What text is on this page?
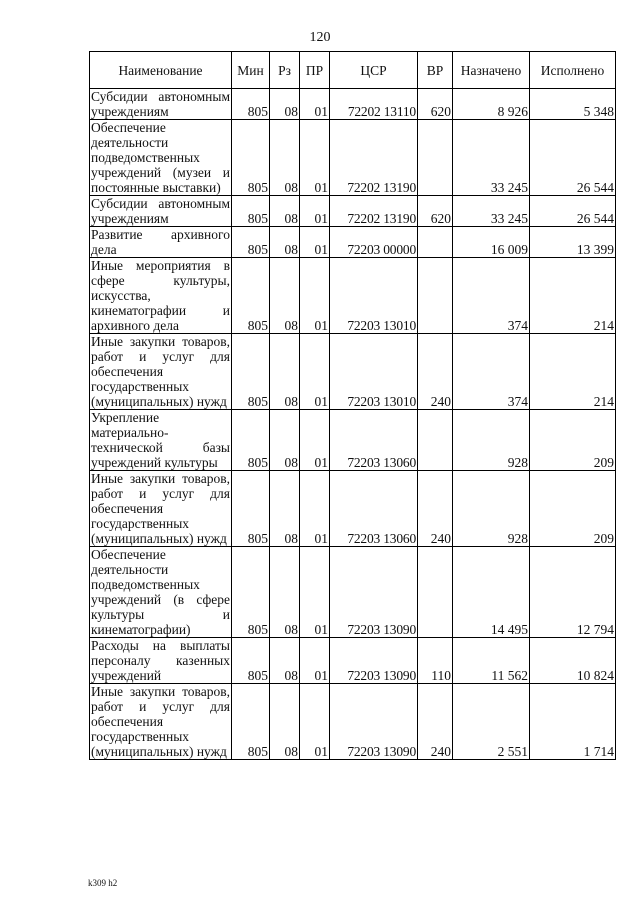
120
Наименование	Мин	Рз	ПР	ЦСР	ВР	Назначено	Исполнено
Субсидии автономным учреждениям	805	08	01	72202 13110	620	8 926	5 348
Обеспечение деятельности подведомственных учреждений (музеи и постоянные выставки)	805	08	01	72202 13190		33 245	26 544
Субсидии автономным учреждениям	805	08	01	72202 13190	620	33 245	26 544
Развитие архивного дела	805	08	01	72203 00000		16 009	13 399
Иные мероприятия в сфере культуры, искусства, кинематографии и архивного дела	805	08	01	72203 13010		374	214
Иные закупки товаров, работ и услуг для обеспечения государственных (муниципальных) нужд	805	08	01	72203 13010	240	374	214
Укрепление материально-технической базы учреждений культуры	805	08	01	72203 13060		928	209
Иные закупки товаров, работ и услуг для обеспечения государственных (муниципальных) нужд	805	08	01	72203 13060	240	928	209
Обеспечение деятельности подведомственных учреждений (в сфере культуры и кинематографии)	805	08	01	72203 13090		14 495	12 794
Расходы на выплаты персоналу казенных учреждений	805	08	01	72203 13090	110	11 562	10 824
Иные закупки товаров, работ и услуг для обеспечения государственных (муниципальных) нужд	805	08	01	72203 13090	240	2 551	1 714
k309 h2
